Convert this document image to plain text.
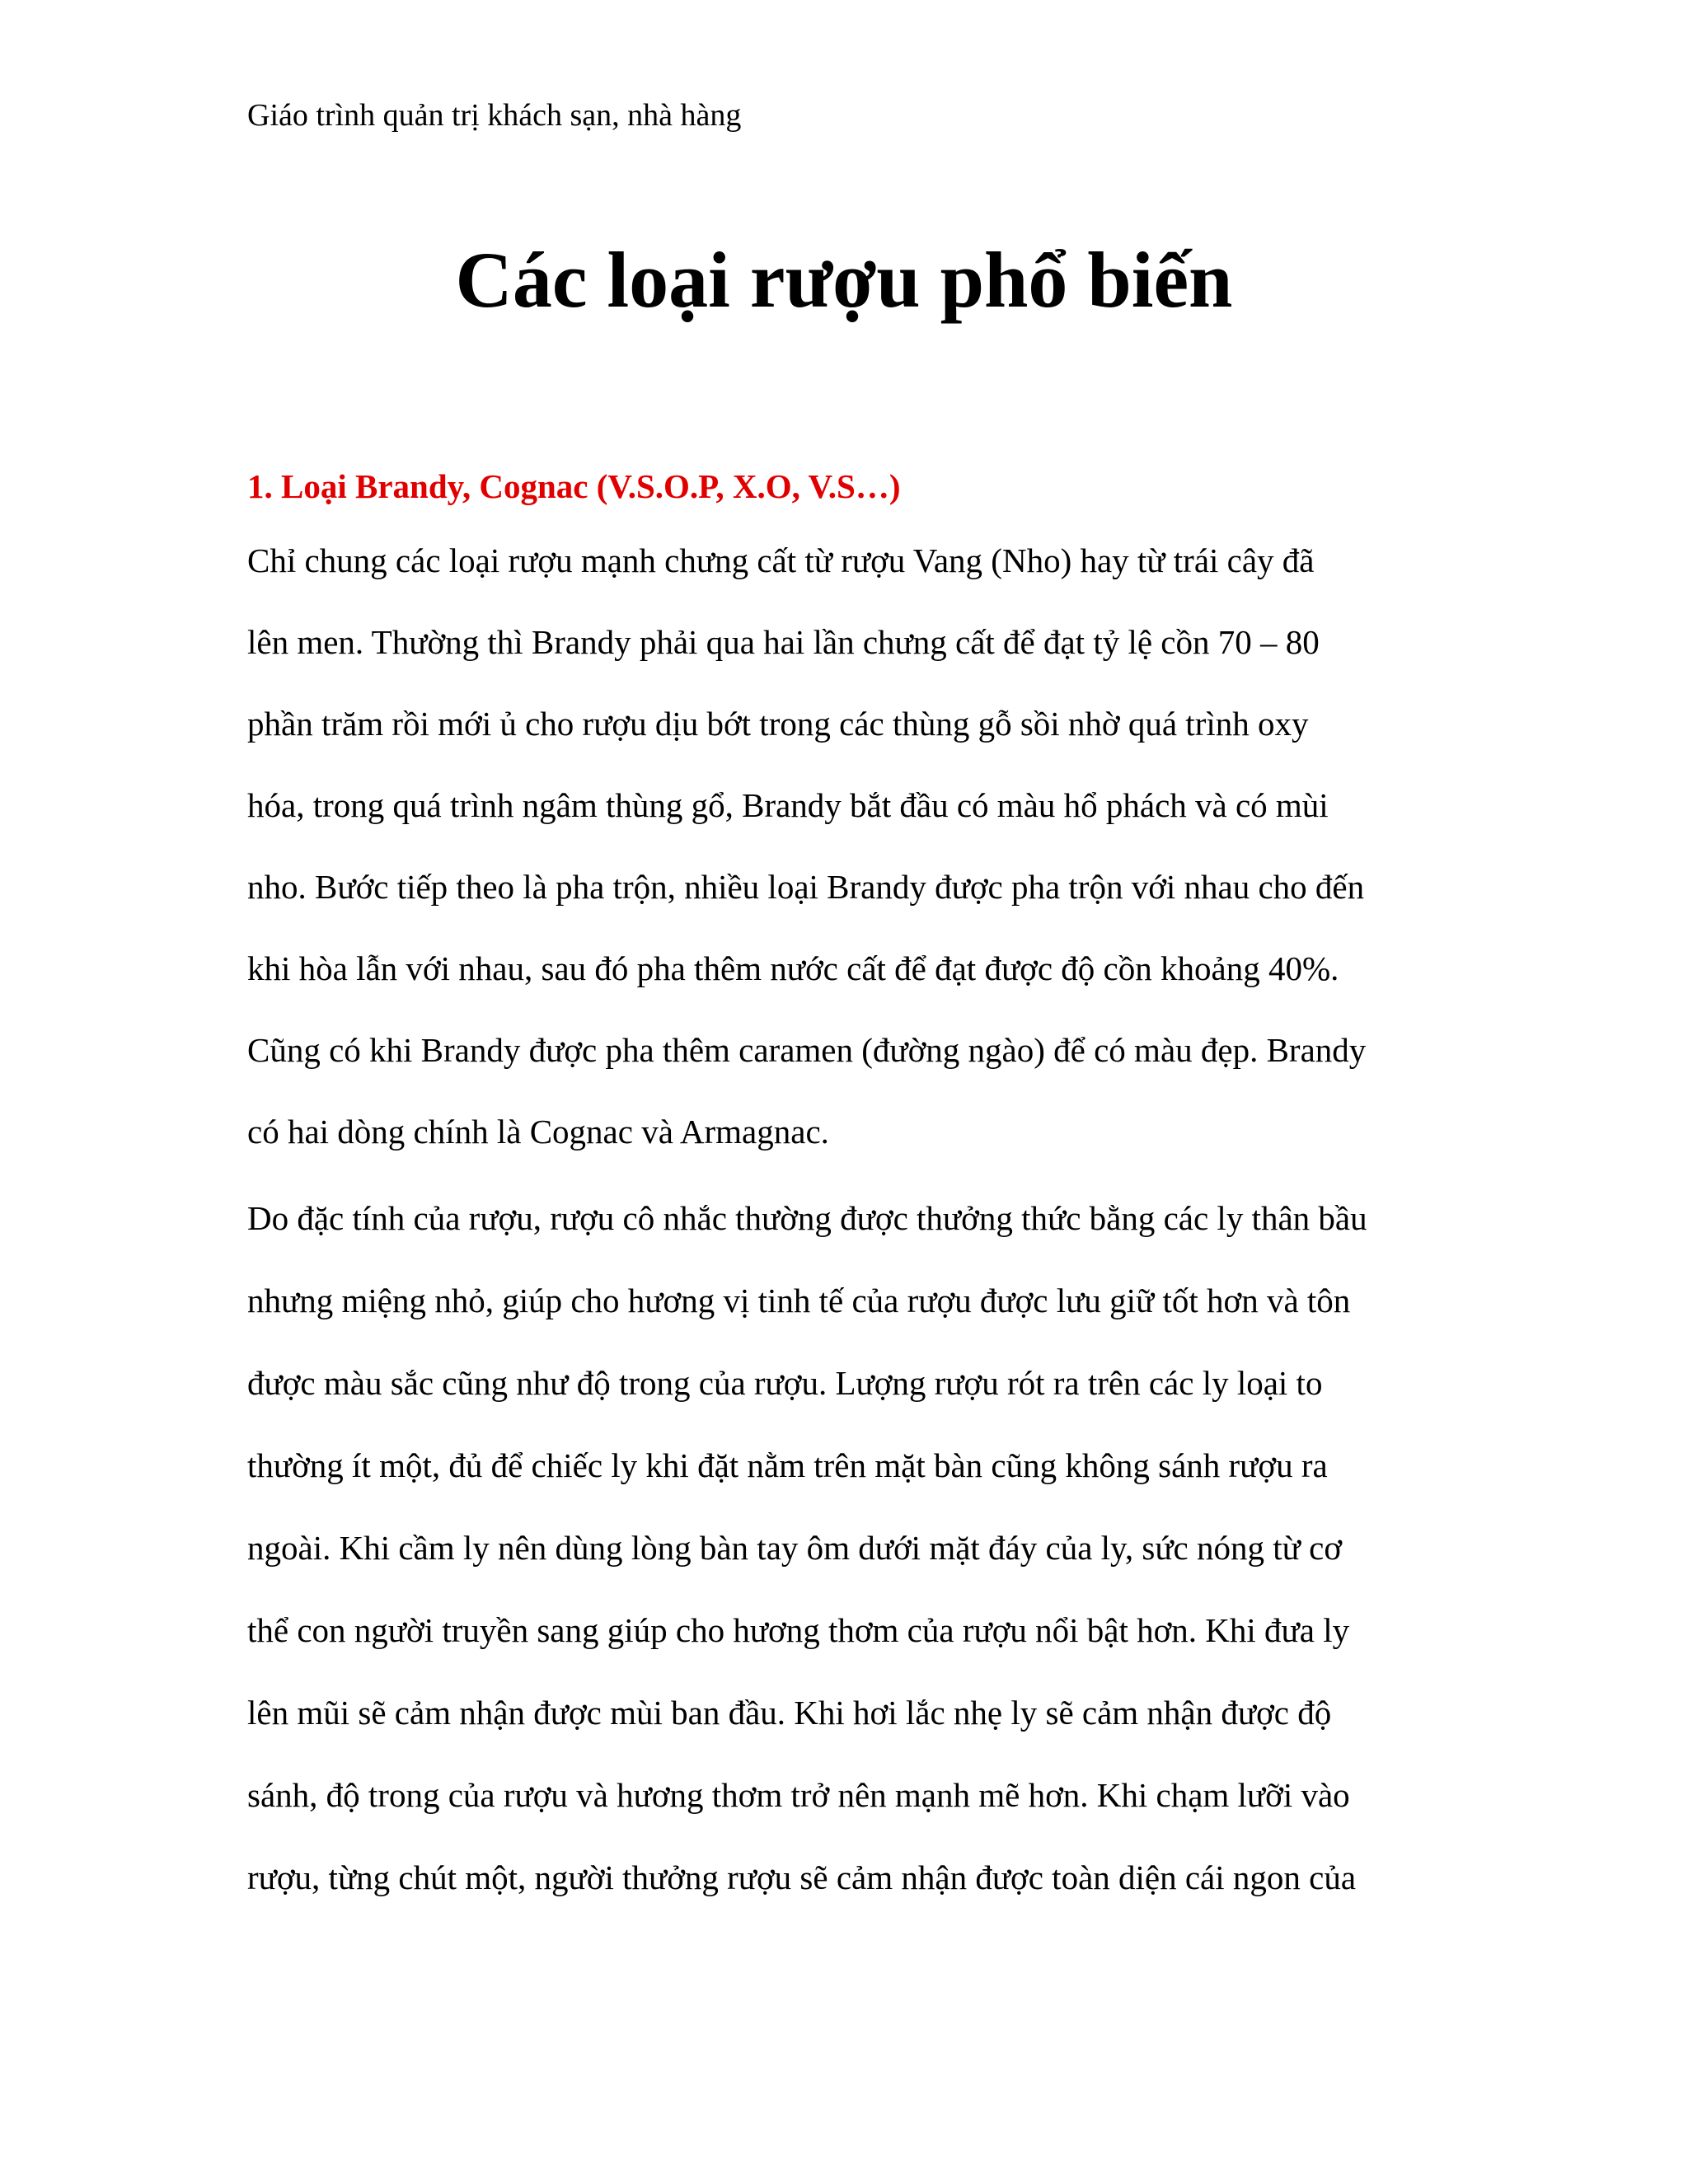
Giáo trình quản trị khách sạn, nhà hàng
Các loại rượu phổ biến
1. Loại Brandy, Cognac (V.S.O.P, X.O, V.S…)

Chỉ chung các loại rượu mạnh chưng cất từ rượu Vang (Nho) hay từ trái cây đã

lên men. Thường thì Brandy phải qua hai lần chưng cất để đạt tỷ lệ cồn 70 – 80

phần trăm rồi mới ủ cho rượu dịu bớt trong các thùng gỗ sồi nhờ quá trình oxy

hóa, trong quá trình ngâm thùng gổ, Brandy bắt đầu có màu hổ phách và có mùi

nho. Bước tiếp theo là pha trộn, nhiều loại Brandy được pha trộn với nhau cho đến

khi hòa lẫn với nhau, sau đó pha thêm nước cất để đạt được độ cồn khoảng 40%.

Cũng có khi Brandy được pha thêm caramen (đường ngào) để có màu đẹp. Brandy

có hai dòng chính là Cognac và Armagnac.

Do đặc tính của rượu, rượu cô nhắc thường được thưởng thức bằng các ly thân bầu

nhưng miệng nhỏ, giúp cho hương vị tinh tế của rượu được lưu giữ tốt hơn và tôn

được màu sắc cũng như độ trong của rượu. Lượng rượu rót ra trên các ly loại to

thường ít một, đủ để chiếc ly khi đặt nằm trên mặt bàn cũng không sánh rượu ra

ngoài. Khi cầm ly nên dùng lòng bàn tay ôm dưới mặt đáy của ly, sức nóng từ cơ

thể con người truyền sang giúp cho hương thơm của rượu nổi bật hơn. Khi đưa ly

lên mũi sẽ cảm nhận được mùi ban đầu. Khi hơi lắc nhẹ ly sẽ cảm nhận được độ

sánh, độ trong của rượu và hương thơm trở nên mạnh mẽ hơn. Khi chạm lưỡi vào

rượu, từng chút một, người thưởng rượu sẽ cảm nhận được toàn diện cái ngon của
